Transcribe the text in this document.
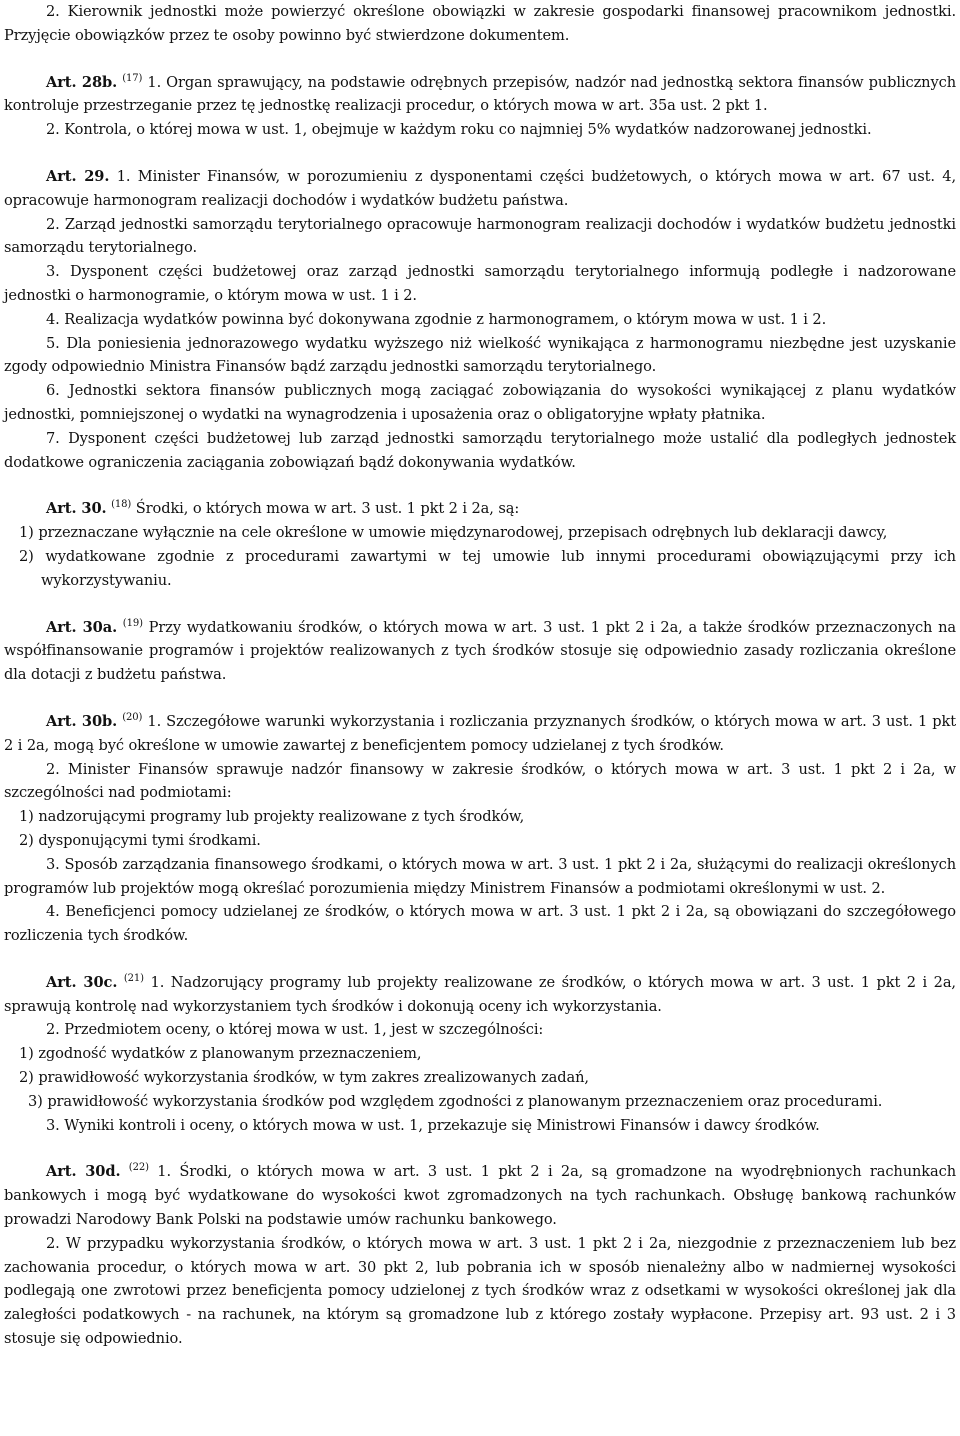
2. Kierownik jednostki może powierzyć określone obowiązki w zakresie gospodarki finansowej pracownikom jednostki. Przyjęcie obowiązków przez te osoby powinno być stwierdzone dokumentem.

Art. 28b. $^{(17)}$ 1. Organ sprawujący, na podstawie odrębnych przepisów, nadzór nad jednostką sektora finansów publicznych kontroluje przestrzeganie przez tę jednostkę realizacji procedur, o których mowa w art. 35a ust. 2 pkt 1.

2. Kontrola, o której mowa w ust. 1, obejmuje w każdym roku co najmniej 5% wydatków nadzorowanej jednostki.

Art. 29. 1. Minister Finansów, w porozumieniu z dysponentami części budżetowych, o których mowa w art. 67 ust. 4, opracowuje harmonogram realizacji dochodów i wydatków budżetu państwa.

2. Zarząd jednostki samorządu terytorialnego opracowuje harmonogram realizacji dochodów i wydatków budżetu jednostki samorządu terytorialnego.

3. Dysponent części budżetowej oraz zarząd jednostki samorządu terytorialnego informują podległe i nadzorowane jednostki o harmonogramie, o którym mowa w ust. 1 i 2.

4. Realizacja wydatków powinna być dokonywana zgodnie z harmonogramem, o którym mowa w ust. 1 i 2.

5. Dla poniesienia jednorazowego wydatku wyższego niż wielkość wynikająca z harmonogramu niezbędne jest uzyskanie zgody odpowiednio Ministra Finansów bądź zarządu jednostki samorządu terytorialnego.

6. Jednostki sektora finansów publicznych mogą zaciągać zobowiązania do wysokości wynikającej z planu wydatków jednostki, pomniejszonej o wydatki na wynagrodzenia i uposażenia oraz o obligatoryjne wpłaty płatnika.

7. Dysponent części budżetowej lub zarząd jednostki samorządu terytorialnego może ustalić dla podległych jednostek dodatkowe ograniczenia zaciągania zobowiązań bądź dokonywania wydatków.

Art. 30. $^{(18)}$ Środki, o których mowa w art. 3 ust. 1 pkt 2 i 2a, są:

1) przeznaczane wyłącznie na cele określone w umowie międzynarodowej, przepisach odrębnych lub deklaracji dawcy,

2) wydatkowane zgodnie z procedurami zawartymi w tej umowie lub innymi procedurami obowiązującymi przy ich wykorzystywaniu.

Art. 30a. $^{(19)}$ Przy wydatkowaniu środków, o których mowa w art. 3 ust. 1 pkt 2 i 2a, a także środków przeznaczonych na współfinansowanie programów i projektów realizowanych z tych środków stosuje się odpowiednio zasady rozliczania określone dla dotacji z budżetu państwa.

Art. 30b. $^{(20)}$ 1. Szczegółowe warunki wykorzystania i rozliczania przyznanych środków, o których mowa w art. 3 ust. 1 pkt 2 i 2a, mogą być określone w umowie zawartej z beneficjentem pomocy udzielanej z tych środków.

2. Minister Finansów sprawuje nadzór finansowy w zakresie środków, o których mowa w art. 3 ust. 1 pkt 2 i 2a, w szczególności nad podmiotami:

1) nadzorującymi programy lub projekty realizowane z tych środków,

2) dysponującymi tymi środkami.

3. Sposób zarządzania finansowego środkami, o których mowa w art. 3 ust. 1 pkt 2 i 2a, służącymi do realizacji określonych programów lub projektów mogą określać porozumienia między Ministrem Finansów a podmiotami określonymi w ust. 2.

4. Beneficjenci pomocy udzielanej ze środków, o których mowa w art. 3 ust. 1 pkt 2 i 2a, są obowiązani do szczegółowego rozliczenia tych środków.

Art. 30c. $^{(21)}$ 1. Nadzorujący programy lub projekty realizowane ze środków, o których mowa w art. 3 ust. 1 pkt 2 i 2a, sprawują kontrolę nad wykorzystaniem tych środków i dokonują oceny ich wykorzystania.

2. Przedmiotem oceny, o której mowa w ust. 1, jest w szczególności:

1) zgodność wydatków z planowanym przeznaczeniem,

2) prawidłowość wykorzystania środków, w tym zakres zrealizowanych zadań,

3) prawidłowość wykorzystania środków pod względem zgodności z planowanym przeznaczeniem oraz procedurami.

3. Wyniki kontroli i oceny, o których mowa w ust. 1, przekazuje się Ministrowi Finansów i dawcy środków.

Art. 30d. $^{(22)}$ 1. Środki, o których mowa w art. 3 ust. 1 pkt 2 i 2a, są gromadzone na wyodrębnionych rachunkach bankowych i mogą być wydatkowane do wysokości kwot zgromadzonych na tych rachunkach. Obsługę bankową rachunków prowadzi Narodowy Bank Polski na podstawie umów rachunku bankowego.

2. W przypadku wykorzystania środków, o których mowa w art. 3 ust. 1 pkt 2 i 2a, niezgodnie z przeznaczeniem lub bez zachowania procedur, o których mowa w art. 30 pkt 2, lub pobrania ich w sposób nienależny albo w nadmiernej wysokości podlegają one zwrotowi przez beneficjenta pomocy udzielonej z tych środków wraz z odsetkami w wysokości określonej jak dla zaległości podatkowych - na rachunek, na którym są gromadzone lub z którego zostały wypłacone. Przepisy art. 93 ust. 2 i 3 stosuje się odpowiednio.
